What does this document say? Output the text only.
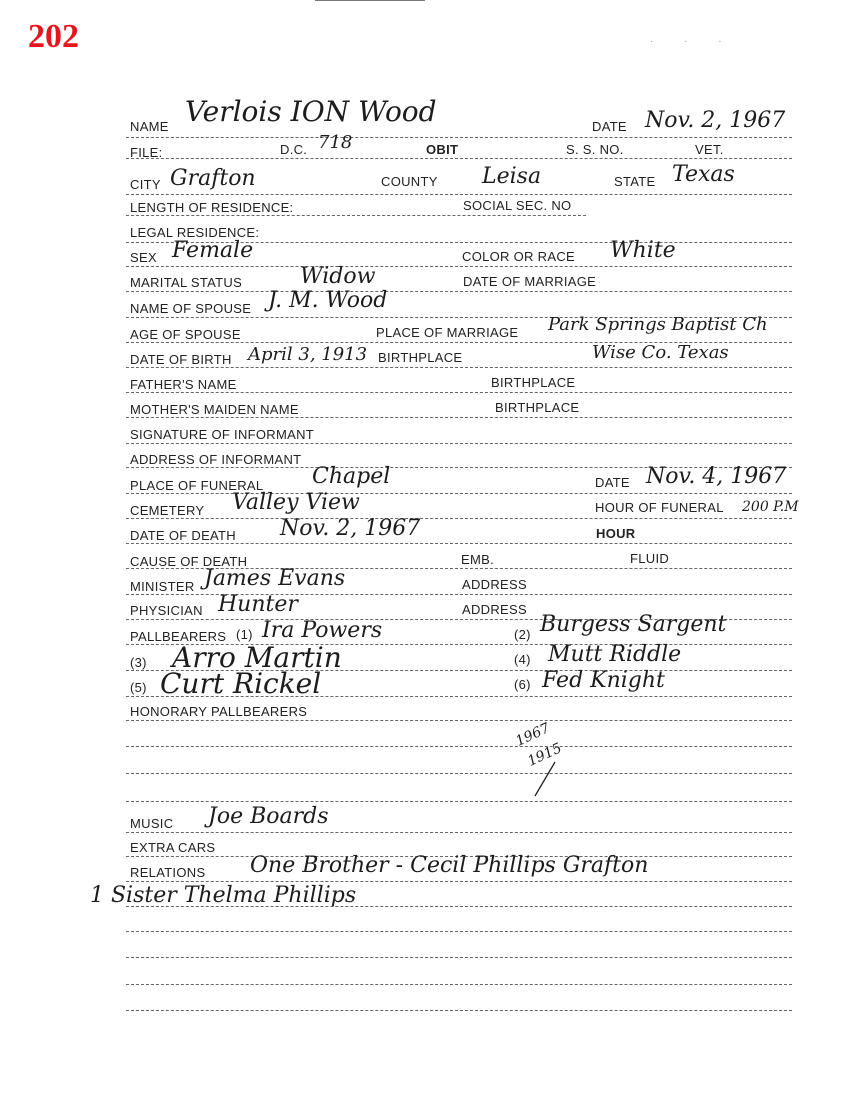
202	· · ·
NAME Verlois ION Wood	DATE Nov. 2, 1967
FILE:	D.C. 718	OBIT	S. S. NO.	VET.
CITY Grafton	COUNTY Leisa	STATE Texas
LENGTH OF RESIDENCE:	SOCIAL SEC. NO
LEGAL RESIDENCE:
SEX Female	COLOR OR RACE White
MARITAL STATUS	Widow	DATE OF MARRIAGE
NAME OF SPOUSE J. M. Wood
AGE OF SPOUSE	PLACE OF MARRIAGE Park Springs Baptist Ch
DATE OF BIRTH April 3, 1913 BIRTHPLACE	Wise Co. Texas
FATHER'S NAME	BIRTHPLACE
MOTHER'S MAIDEN NAME	BIRTHPLACE
SIGNATURE OF INFORMANT
ADDRESS OF INFORMANT
PLACE OF FUNERAL Chapel	DATE Nov. 4, 1967
CEMETERY Valley View	HOUR OF FUNERAL 200 P.M
DATE OF DEATH Nov. 2, 1967	HOUR
CAUSE OF DEATH	EMB.	FLUID
MINISTER James Evans	ADDRESS
PHYSICIAN Hunter	ADDRESS
PALLBEARERS (1) Ira Powers	(2) Burgess Sargent
(3) Arro Martin	(4) Mutt Riddle
(5) Curt Rickel	(6) Fed Knight
HONORARY PALLBEARERS
1967
1915
MUSIC Joe Boards
EXTRA CARS
RELATIONS One Brother - Cecil Phillips Grafton
1 Sister Thelma Phillips
